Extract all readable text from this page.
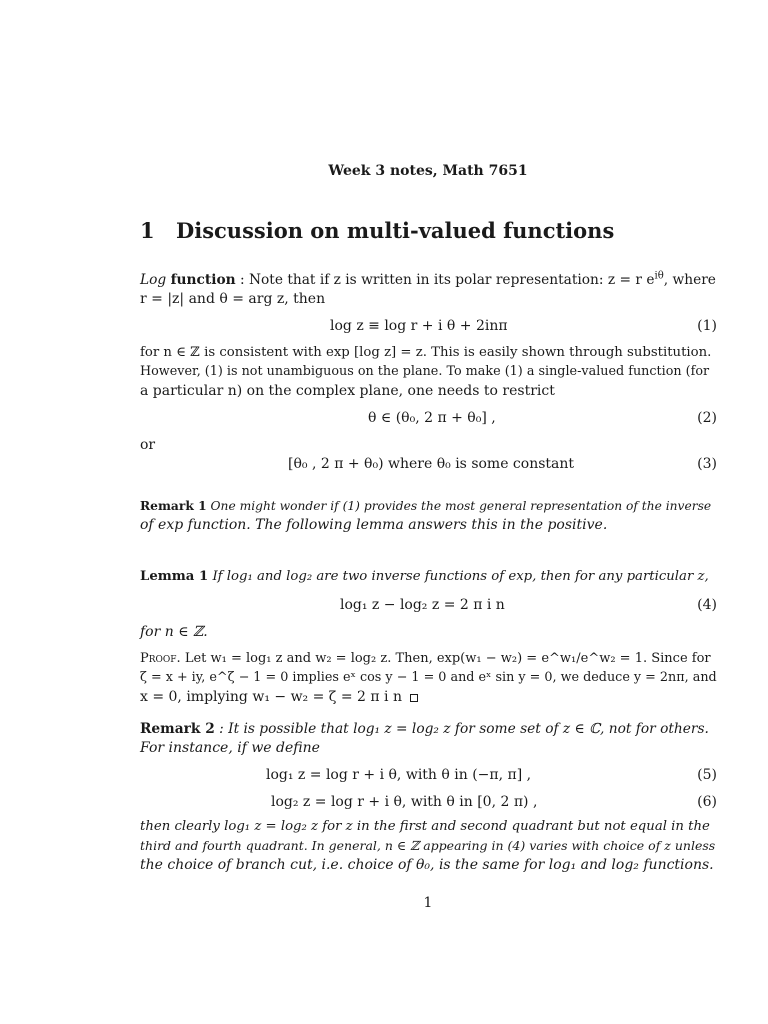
Week 3 notes, Math 7651
1 Discussion on multi-valued functions
Log function : Note that if z is written in its polar representation: z = r $e^{i\theta}$, where
r = |z| and θ = arg z, then
log z ≡ log r + i θ + 2inπ	(1)
for n ∈ ℤ is consistent with exp [log z] = z. This is easily shown through substitution.
However, (1) is not unambiguous on the plane. To make (1) a single-valued function (for
a particular n) on the complex plane, one needs to restrict
θ ∈ (θ₀, 2 π + θ₀] ,	(2)
or
[θ₀ , 2 π + θ₀) where θ₀ is some constant	(3)
Remark 1 One might wonder if (1) provides the most general representation of the inverse
of exp function. The following lemma answers this in the positive.
Lemma 1 If log₁ and log₂ are two inverse functions of exp, then for any particular z,
log₁ z − log₂ z = 2 π i n	(4)
for n ∈ ℤ.
Proof. Let w₁ = log₁ z and w₂ = log₂ z. Then, exp(w₁ − w₂) = e^w₁/e^w₂ = 1. Since for
ζ = x + iy, e^ζ − 1 = 0 implies eˣ cos y − 1 = 0 and eˣ sin y = 0, we deduce y = 2nπ, and
x = 0, implying w₁ − w₂ = ζ = 2 π i n
Remark 2 : It is possible that log₁ z = log₂ z for some set of z ∈ ℂ, not for others.
For instance, if we define
log₁ z = log r + i θ, with θ in (−π, π] ,	(5)
log₂ z = log r + i θ, with θ in [0, 2 π) ,	(6)
then clearly log₁ z = log₂ z for z in the first and second quadrant but not equal in the
third and fourth quadrant. In general, n ∈ ℤ appearing in (4) varies with choice of z unless
the choice of branch cut, i.e. choice of θ₀, is the same for log₁ and log₂ functions.
1
